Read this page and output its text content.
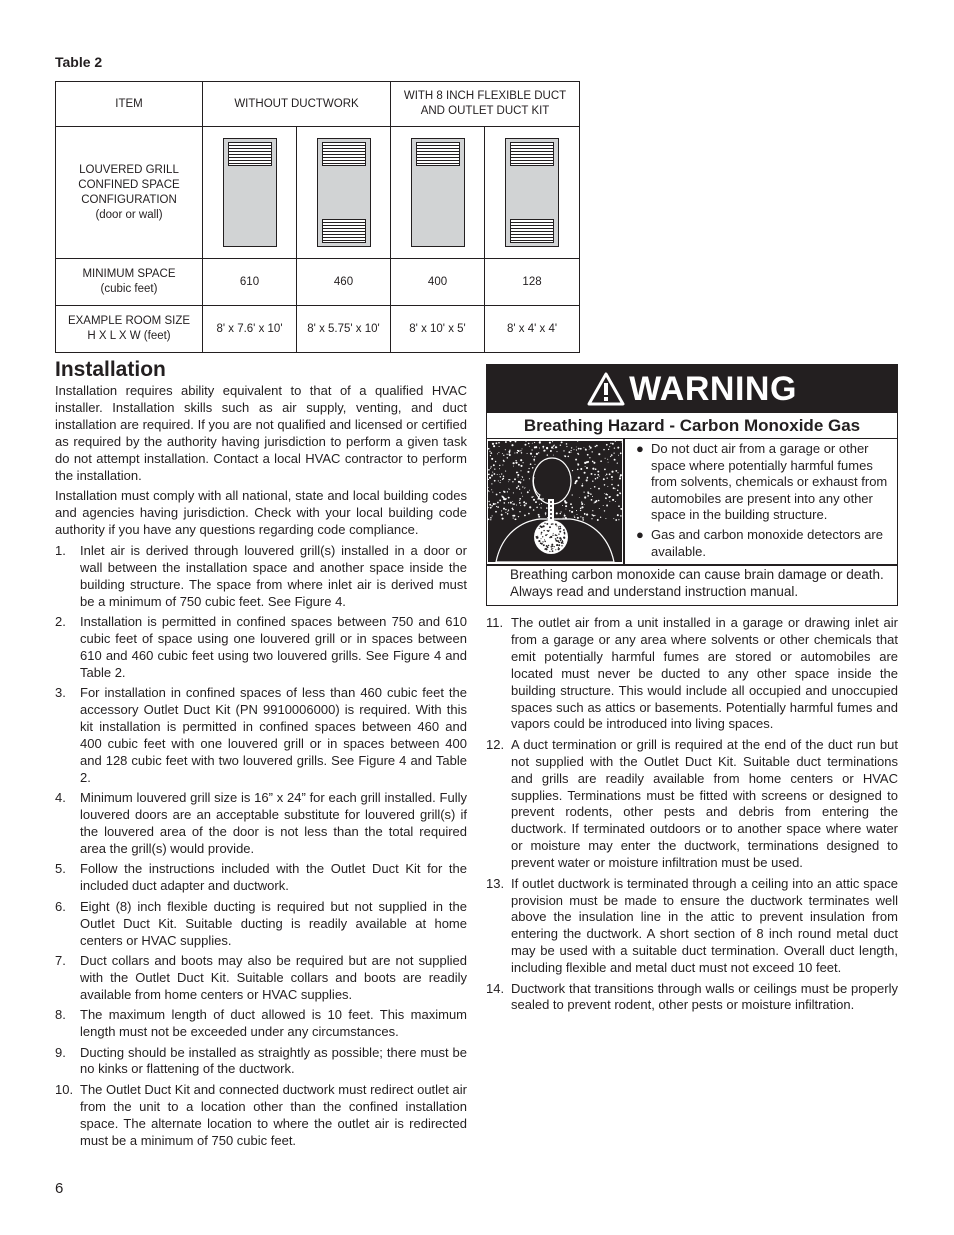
Table 2
ITEM	WITHOUT DUCTWORK		WITH 8 INCH FLEXIBLE DUCT AND OUTLET DUCT KIT	

LOUVERED GRILL CONFINED SPACE CONFIGURATION
(door or wall)				

MINIMUM SPACE
(cubic feet)	610	460	400	128

EXAMPLE ROOM SIZE
H X L X W (feet)	8' x 7.6' x 10'	8' x 5.75' x 10'	8' x 10' x 5'	8' x 4' x 4'
Installation

Installation requires ability equivalent to that of a qualified HVAC installer. Installation skills such as air supply, venting, and duct installation are required. If you are not qualified and licensed or certified as required by the authority having jurisdiction to perform a given task do not attempt installation. Contact a local HVAC contractor to perform the installation.

Installation must comply with all national, state and local building codes and agencies having jurisdiction. Check with your local building code authority if you have any questions regarding code compliance.

1. Inlet air is derived through louvered grill(s) installed in a door or wall between the installation space and another space inside the building structure. The space from where inlet air is derived must be a minimum of 750 cubic feet. See Figure 4.
2. Installation is permitted in confined spaces between 750 and 610 cubic feet of space using one louvered grill or in spaces between 610 and 460 cubic feet using two louvered grills. See Figure 4 and Table 2.
3. For installation in confined spaces of less than 460 cubic feet the accessory Outlet Duct Kit (PN 9910006000) is required. With this kit installation is permitted in confined spaces between 460 and 400 cubic feet with one louvered grill or in spaces between 400 and 128 cubic feet with two louvered grills. See Figure 4 and Table 2.
4. Minimum louvered grill size is 16” x 24” for each grill installed. Fully louvered doors are an acceptable substitute for louvered grill(s) if the louvered area of the door is not less than the total required area the grill(s) would provide.
5. Follow the instructions included with the Outlet Duct Kit for the included duct adapter and ductwork.
6. Eight (8) inch flexible ducting is required but not supplied in the Outlet Duct Kit. Suitable ducting is readily available at home centers or HVAC supplies.
7. Duct collars and boots may also be required but are not supplied with the Outlet Duct Kit. Suitable collars and boots are readily available from home centers or HVAC supplies.
8. The maximum length of duct allowed is 10 feet. This maximum length must not be exceeded under any circumstances.
9. Ducting should be installed as straightly as possible; there must be no kinks or flattening of the ductwork.
10. The Outlet Duct Kit and connected ductwork must redirect outlet air from the unit to a location other than the confined installation space. The alternate location to where the outlet air is redirected must be a minimum of 750 cubic feet.
WARNING
Breathing Hazard - Carbon Monoxide Gas
● Do not duct air from a garage or other space where potentially harmful fumes from solvents, chemicals or exhaust from automobiles are present into any other space in the building structure.
● Gas and carbon monoxide detectors are available.
Breathing carbon monoxide can cause brain damage or death. Always read and understand instruction manual.
11. The outlet air from a unit installed in a garage or drawing inlet air from a garage or any area where solvents or other chemicals that emit potentially harmful fumes are stored or automobiles are located must never be ducted to any other space inside the building structure. This would include all occupied and unoccupied spaces such as attics or basements. Potentially harmful fumes and vapors could be introduced into living spaces.
12. A duct termination or grill is required at the end of the duct run but not supplied with the Outlet Duct Kit. Suitable duct terminations and grills are readily available from home centers or HVAC supplies. Terminations must be fitted with screens or designed to prevent rodents, other pests and debris from entering the ductwork. If terminated outdoors or to another space where water or moisture may enter the ductwork, terminations designed to prevent water or moisture infiltration must be used.
13. If outlet ductwork is terminated through a ceiling into an attic space provision must be made to ensure the ductwork terminates well above the insulation line in the attic to prevent insulation from entering the ductwork. A short section of 8 inch round metal duct may be used with a suitable duct termination. Overall duct length, including flexible and metal duct must not exceed 10 feet.
14. Ductwork that transitions through walls or ceilings must be properly sealed to prevent rodent, other pests or moisture infiltration.
6
